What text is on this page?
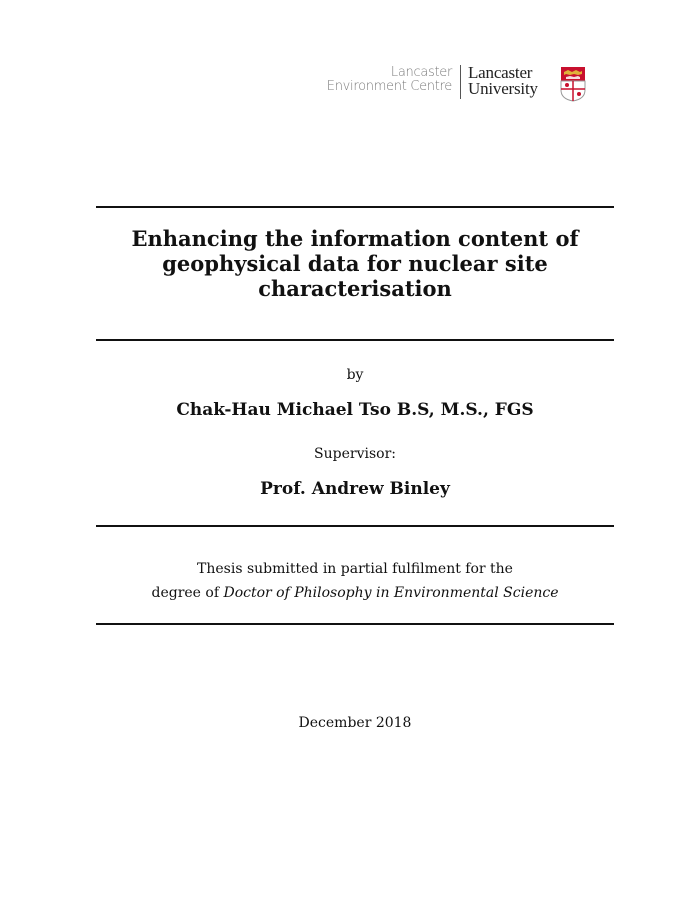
Lancaster
Environment Centre
Lancaster
University
Enhancing the information content of
geophysical data for nuclear site
characterisation
by
Chak-Hau Michael Tso B.S, M.S., FGS
Supervisor:
Prof. Andrew Binley
Thesis submitted in partial fulfilment for the
degree of Doctor of Philosophy in Environmental Science
December 2018
